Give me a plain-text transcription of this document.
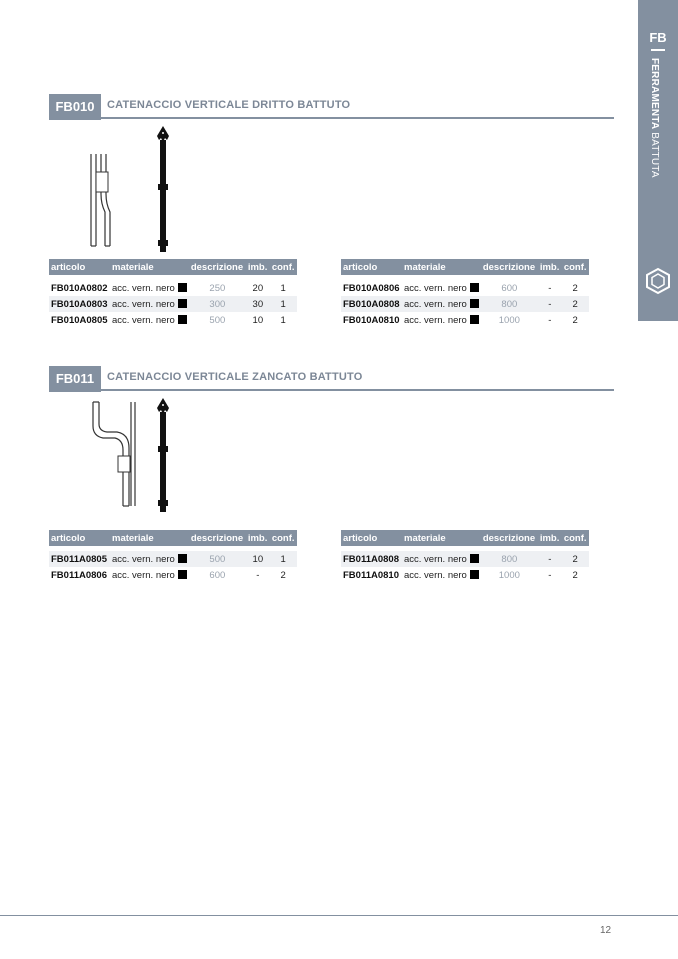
FB
FERRAMENTA BATTUTA
FB010	CATENACCIO VERTICALE DRITTO BATTUTO
articolo	materiale	descrizione	imb.	conf.
FB010A0802	acc. vern. nero	250	20	1
FB010A0803	acc. vern. nero	300	30	1
FB010A0805	acc. vern. nero	500	10	1
articolo	materiale	descrizione	imb.	conf.
FB010A0806	acc. vern. nero	600	-	2
FB010A0808	acc. vern. nero	800	-	2
FB010A0810	acc. vern. nero	1000	-	2
FB011	CATENACCIO VERTICALE ZANCATO BATTUTO
articolo	materiale	descrizione	imb.	conf.
FB011A0805	acc. vern. nero	500	10	1
FB011A0806	acc. vern. nero	600	-	2
articolo	materiale	descrizione	imb.	conf.
FB011A0808	acc. vern. nero	800	-	2
FB011A0810	acc. vern. nero	1000	-	2
12
